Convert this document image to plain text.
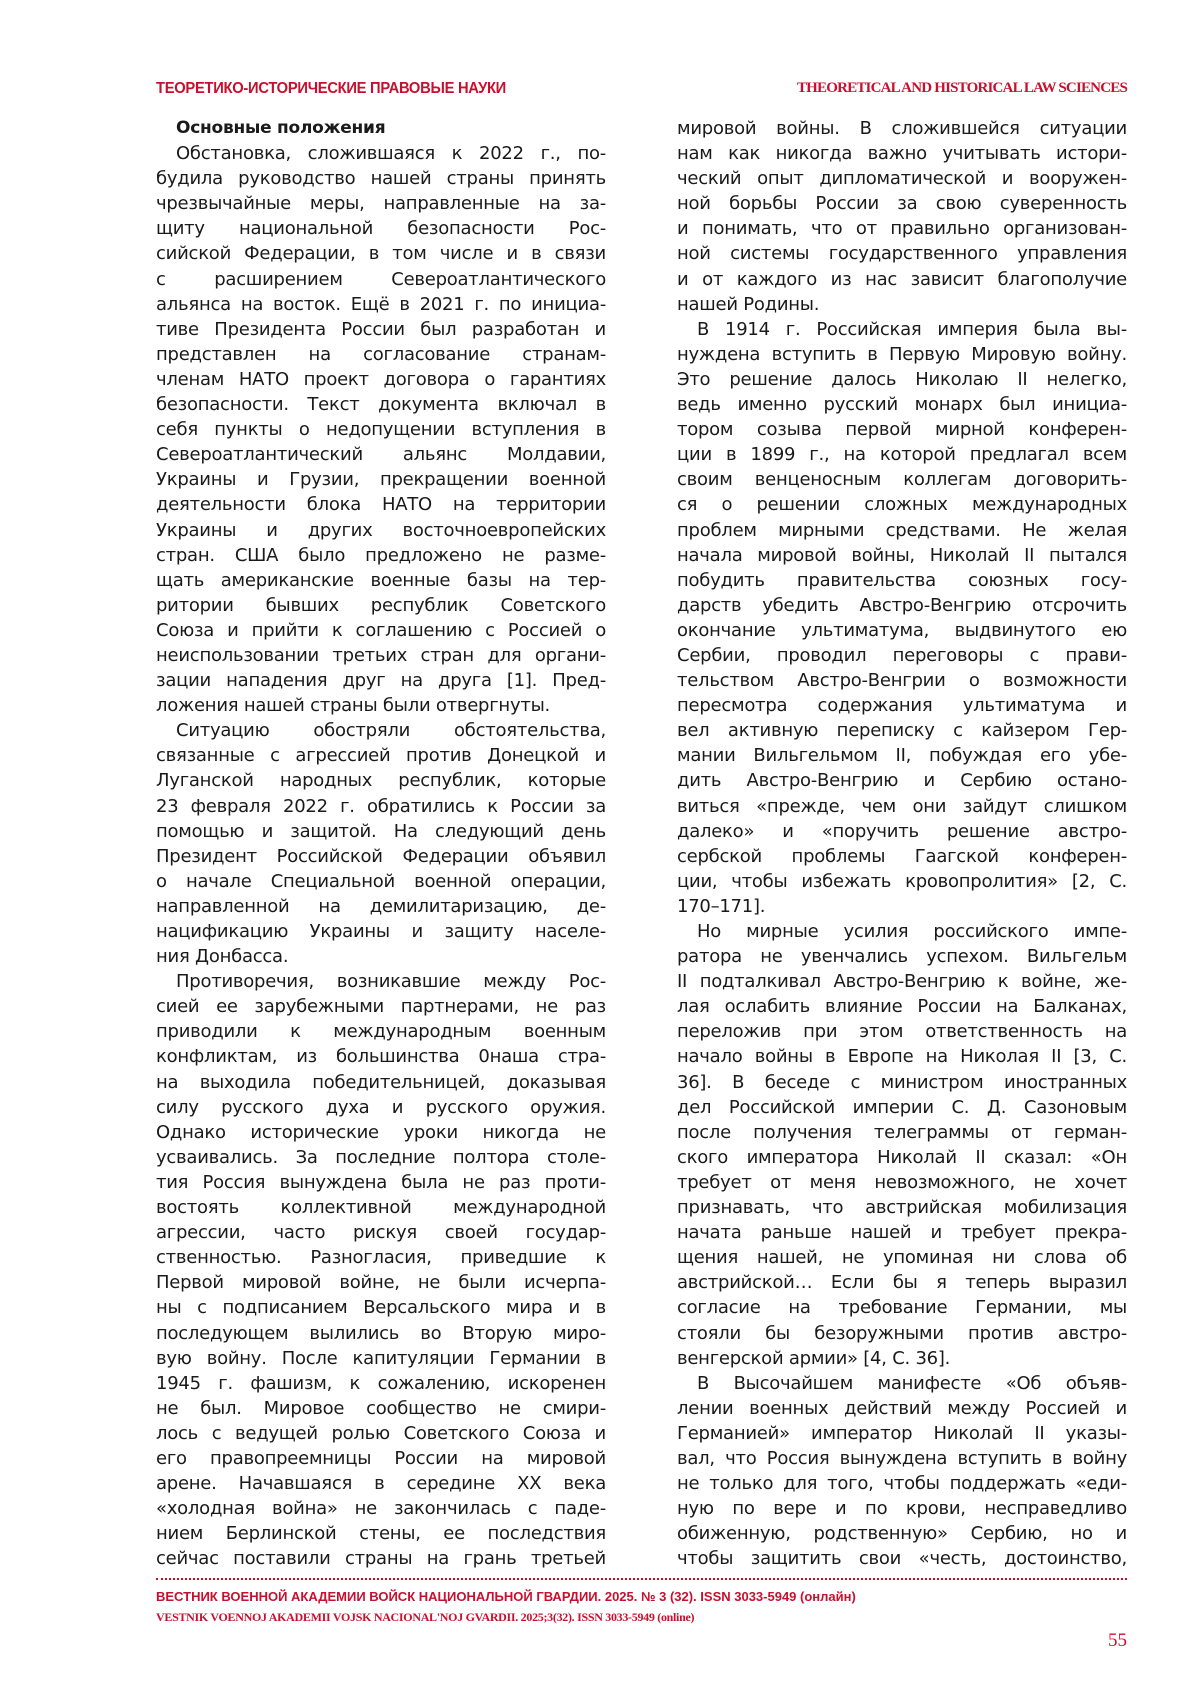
ТЕОРЕТИКО-ИСТОРИЧЕСКИЕ ПРАВОВЫЕ НАУКИ	THEORETICAL AND HISTORICAL LAW SCIENCES
Основные положения
Обстановка, сложившаяся к 2022 г., по-
будила руководство нашей страны принять
чрезвычайные меры, направленные на за-
щиту национальной безопасности Рос-
сийской Федерации, в том числе и в связи
с расширением Североатлантического
альянса на восток. Ещё в 2021 г. по инициа-
тиве Президента России был разработан и
представлен на согласование странам-
членам НАТО проект договора о гарантиях
безопасности. Текст документа включал в
себя пункты о недопущении вступления в
Североатлантический альянс Молдавии,
Украины и Грузии, прекращении военной
деятельности блока НАТО на территории
Украины и других восточноевропейских
стран. США было предложено не разме-
щать американские военные базы на тер-
ритории бывших республик Советского
Союза и прийти к соглашению с Россией о
неиспользовании третьих стран для органи-
зации нападения друг на друга [1]. Пред-
ложения нашей страны были отвергнуты.
Ситуацию обостряли обстоятельства,
связанные с агрессией против Донецкой и
Луганской народных республик, которые
23 февраля 2022 г. обратились к России за
помощью и защитой. На следующий день
Президент Российской Федерации объявил
о начале Специальной военной операции,
направленной на демилитаризацию, де-
нацификацию Украины и защиту населе-
ния Донбасса.
Противоречия, возникавшие между Рос-
сией ее зарубежными партнерами, не раз
приводили к международным военным
конфликтам, из большинства 0наша стра-
на выходила победительницей, доказывая
силу русского духа и русского оружия.
Однако исторические уроки никогда не
усваивались. За последние полтора столе-
тия Россия вынуждена была не раз проти-
востоять коллективной международной
агрессии, часто рискуя своей государ-
ственностью. Разногласия, приведшие к
Первой мировой войне, не были исчерпа-
ны с подписанием Версальского мира и в
последующем вылились во Вторую миро-
вую войну. После капитуляции Германии в
1945 г. фашизм, к сожалению, искоренен
не был. Мировое сообщество не смири-
лось с ведущей ролью Советского Союза и
его правопреемницы России на мировой
арене. Начавшаяся в середине XX века
«холодная война» не закончилась с паде-
нием Берлинской стены, ее последствия
сейчас поставили страны на грань третьей
мировой войны. В сложившейся ситуации
нам как никогда важно учитывать истори-
ческий опыт дипломатической и вооружен-
ной борьбы России за свою суверенность
и понимать, что от правильно организован-
ной системы государственного управления
и от каждого из нас зависит благополучие
нашей Родины.
В 1914 г. Российская империя была вы-
нуждена вступить в Первую Мировую войну.
Это решение далось Николаю II нелегко,
ведь именно русский монарх был инициа-
тором созыва первой мирной конферен-
ции в 1899 г., на которой предлагал всем
своим венценосным коллегам договорить-
ся о решении сложных международных
проблем мирными средствами. Не желая
начала мировой войны, Николай II пытался
побудить правительства союзных госу-
дарств убедить Австро-Венгрию отсрочить
окончание ультиматума, выдвинутого ею
Сербии, проводил переговоры с прави-
тельством Австро-Венгрии о возможности
пересмотра содержания ультиматума и
вел активную переписку с кайзером Гер-
мании Вильгельмом II, побуждая его убе-
дить Австро-Венгрию и Сербию остано-
виться «прежде, чем они зайдут слишком
далеко» и «поручить решение австро-
сербской проблемы Гаагской конферен-
ции, чтобы избежать кровопролития» [2, С.
170–171].
Но мирные усилия российского импе-
ратора не увенчались успехом. Вильгельм
II подталкивал Австро-Венгрию к войне, же-
лая ослабить влияние России на Балканах,
переложив при этом ответственность на
начало войны в Европе на Николая II [3, С.
36]. В беседе с министром иностранных
дел Российской империи С. Д. Сазоновым
после получения телеграммы от герман-
ского императора Николай II сказал: «Он
требует от меня невозможного, не хочет
признавать, что австрийская мобилизация
начата раньше нашей и требует прекра-
щения нашей, не упоминая ни слова об
австрийской… Если бы я теперь выразил
согласие на требование Германии, мы
стояли бы безоружными против австро-
венгерской армии» [4, С. 36].
В Высочайшем манифесте «Об объяв-
лении военных действий между Россией и
Германией» император Николай II указы-
вал, что Россия вынуждена вступить в войну
не только для того, чтобы поддержать «еди-
ную по вере и по крови, несправедливо
обиженную, родственную» Сербию, но и
чтобы защитить свои «честь, достоинство,
ВЕСТНИК ВОЕННОЙ АКАДЕМИИ ВОЙСК НАЦИОНАЛЬНОЙ ГВАРДИИ. 2025. № 3 (32). ISSN 3033-5949 (онлайн)
VESTNIK VOENNOJ AKADEMII VOJSK NACIONAL'NOJ GVARDII. 2025;3(32). ISSN 3033-5949 (online)
55
